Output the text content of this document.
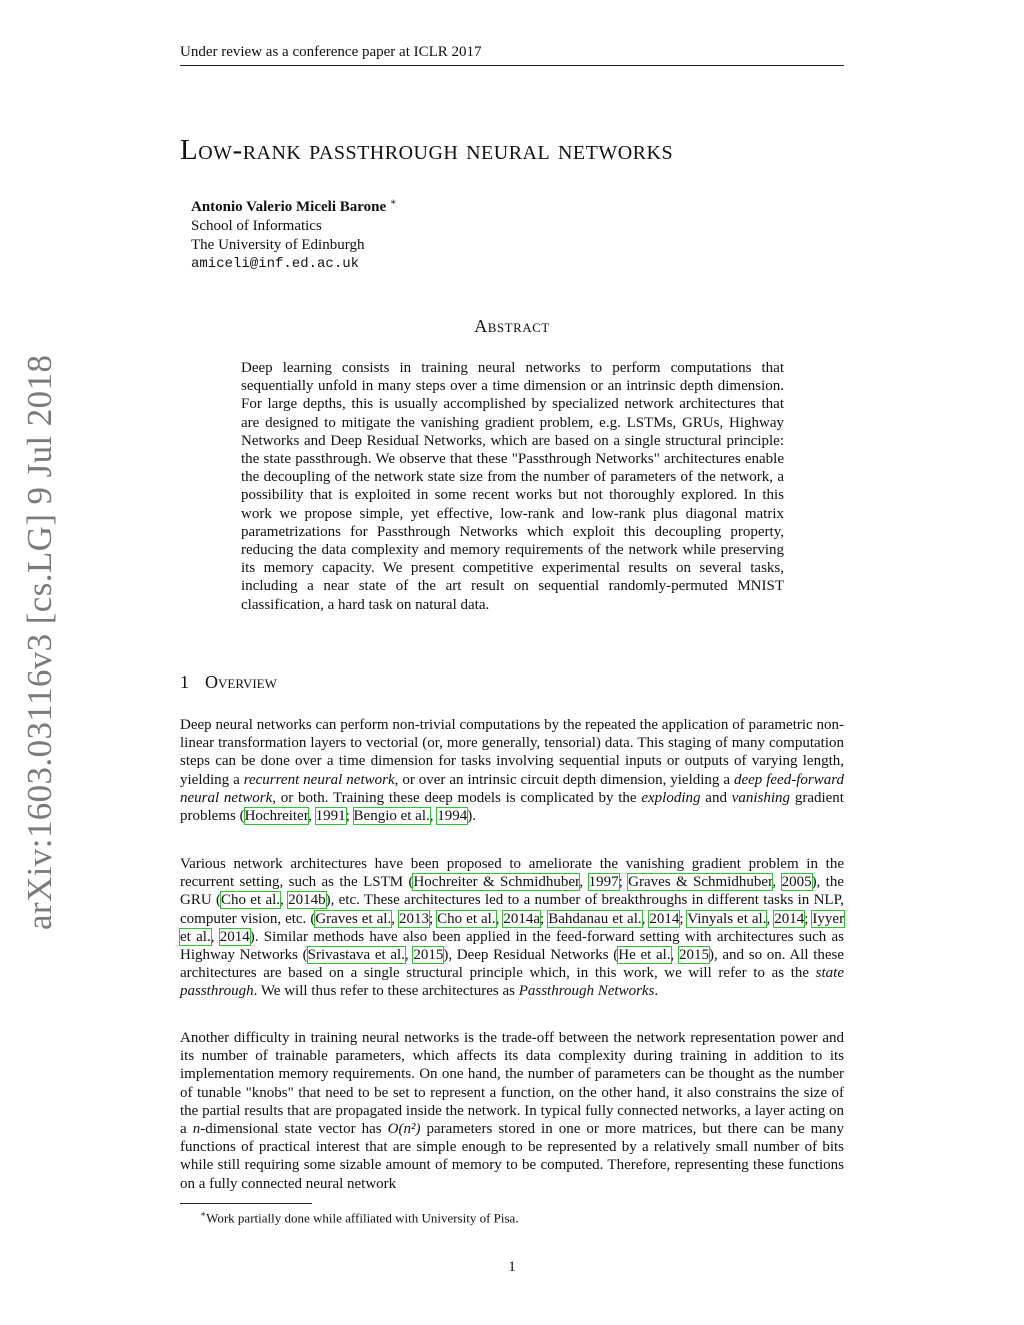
Under review as a conference paper at ICLR 2017
Low-rank passthrough neural networks
Antonio Valerio Miceli Barone ∗
School of Informatics
The University of Edinburgh
amiceli@inf.ed.ac.uk
Abstract

Deep learning consists in training neural networks to perform computations that sequentially unfold in many steps over a time dimension or an intrinsic depth dimension. For large depths, this is usually accomplished by specialized network architectures that are designed to mitigate the vanishing gradient problem, e.g. LSTMs, GRUs, Highway Networks and Deep Residual Networks, which are based on a single structural principle: the state passthrough. We observe that these "Passthrough Networks" architectures enable the decoupling of the network state size from the number of parameters of the network, a possibility that is exploited in some recent works but not thoroughly explored. In this work we propose simple, yet effective, low-rank and low-rank plus diagonal matrix parametrizations for Passthrough Networks which exploit this decoupling property, reducing the data complexity and memory requirements of the network while preserving its memory capacity. We present competitive experimental results on several tasks, including a near state of the art result on sequential randomly-permuted MNIST classification, a hard task on natural data.

arXiv:1603.03116v3 [cs.LG] 9 Jul 2018	1 Overview

Deep neural networks can perform non-trivial computations by the repeated the application of parametric non-linear transformation layers to vectorial (or, more generally, tensorial) data. This staging of many computation steps can be done over a time dimension for tasks involving sequential inputs or outputs of varying length, yielding a recurrent neural network, or over an intrinsic circuit depth dimension, yielding a deep feed-forward neural network, or both. Training these deep models is complicated by the exploding and vanishing gradient problems (Hochreiter, 1991; Bengio et al., 1994).

Various network architectures have been proposed to ameliorate the vanishing gradient problem in the recurrent setting, such as the LSTM (Hochreiter & Schmidhuber, 1997; Graves & Schmidhuber, 2005), the GRU (Cho et al., 2014b), etc. These architectures led to a number of breakthroughs in different tasks in NLP, computer vision, etc. (Graves et al., 2013; Cho et al., 2014a; Bahdanau et al., 2014; Vinyals et al., 2014; Iyyer et al., 2014). Similar methods have also been applied in the feed-forward setting with architectures such as Highway Networks (Srivastava et al., 2015), Deep Residual Networks (He et al., 2015), and so on. All these architectures are based on a single structural principle which, in this work, we will refer to as the state passthrough. We will thus refer to these architectures as Passthrough Networks.

Another difficulty in training neural networks is the trade-off between the network representation power and its number of trainable parameters, which affects its data complexity during training in addition to its implementation memory requirements. On one hand, the number of parameters can be thought as the number of tunable "knobs" that need to be set to represent a function, on the other hand, it also constrains the size of the partial results that are propagated inside the network. In typical fully connected networks, a layer acting on a n-dimensional state vector has O(n²) parameters stored in one or more matrices, but there can be many functions of practical interest that are simple enough to be represented by a relatively small number of bits while still requiring some sizable amount of memory to be computed. Therefore, representing these functions on a fully connected neural network

∗Work partially done while affiliated with University of Pisa.
1
